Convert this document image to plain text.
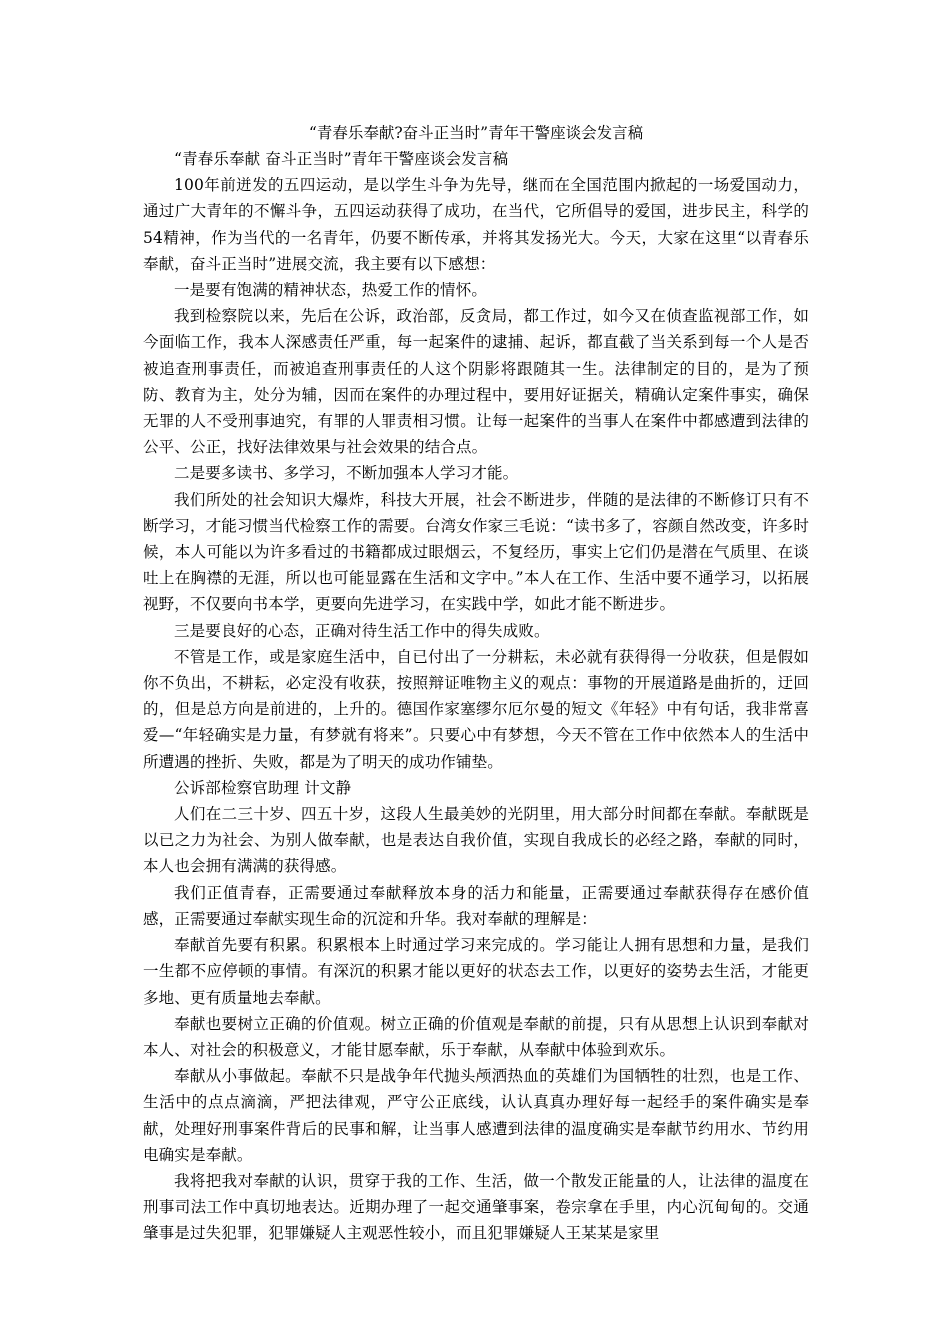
“青春乐奉献?奋斗正当时”青年干警座谈会发言稿

“青春乐奉献 奋斗正当时”青年干警座谈会发言稿

100年前迸发的五四运动，是以学生斗争为先导，继而在全国范围内掀起的一场爱国动力，通过广大青年的不懈斗争，五四运动获得了成功，在当代，它所倡导的爱国，进步民主，科学的54精神，作为当代的一名青年，仍要不断传承，并将其发扬光大。今天，大家在这里“以青春乐奉献，奋斗正当时”进展交流，我主要有以下感想：

一是要有饱满的精神状态，热爱工作的情怀。

我到检察院以来，先后在公诉，政治部，反贪局，都工作过，如今又在侦查监视部工作，如今面临工作，我本人深感责任严重，每一起案件的逮捕、起诉，都直截了当关系到每一个人是否被追查刑事责任，而被追查刑事责任的人这个阴影将跟随其一生。法律制定的目的，是为了预防、教育为主，处分为辅，因而在案件的办理过程中，要用好证据关，精确认定案件事实，确保无罪的人不受刑事迪究，有罪的人罪责相习惯。让每一起案件的当事人在案件中都感遭到法律的公平、公正，找好法律效果与社会效果的结合点。

二是要多读书、多学习，不断加强本人学习才能。

我们所处的社会知识大爆炸，科技大开展，社会不断进步，伴随的是法律的不断修订只有不断学习，才能习惯当代检察工作的需要。台湾女作家三毛说：“读书多了，容颜自然改变，许多时候，本人可能以为许多看过的书籍都成过眼烟云，不复经历，事实上它们仍是潜在气质里、在谈吐上在胸襟的无涯，所以也可能显露在生活和文字中。”本人在工作、生活中要不通学习，以拓展视野，不仅要向书本学，更要向先进学习，在实践中学，如此才能不断进步。

三是要良好的心态，正确对待生活工作中的得失成败。

不管是工作，或是家庭生活中，自已付出了一分耕耘，未必就有获得得一分收获，但是假如你不负出，不耕耘，必定没有收获，按照辩证唯物主义的观点：事物的开展道路是曲折的，迂回的，但是总方向是前进的，上升的。德国作家塞缪尔厄尔曼的短文《年轻》中有句话，我非常喜爱—“年轻确实是力量，有梦就有将来”。只要心中有梦想，今天不管在工作中依然本人的生活中所遭遇的挫折、失败，都是为了明天的成功作铺垫。

公诉部检察官助理 计文静

人们在二三十岁、四五十岁，这段人生最美妙的光阴里，用大部分时间都在奉献。奉献既是以已之力为社会、为别人做奉献，也是表达自我价值，实现自我成长的必经之路，奉献的同时，本人也会拥有满满的获得感。

我们正值青春，正需要通过奉献释放本身的活力和能量，正需要通过奉献获得存在感价值感，正需要通过奉献实现生命的沉淀和升华。我对奉献的理解是：

奉献首先要有积累。积累根本上时通过学习来完成的。学习能让人拥有思想和力量，是我们一生都不应停顿的事情。有深沉的积累才能以更好的状态去工作，以更好的姿势去生活，才能更多地、更有质量地去奉献。

奉献也要树立正确的价值观。树立正确的价值观是奉献的前提，只有从思想上认识到奉献对本人、对社会的积极意义，才能甘愿奉献，乐于奉献，从奉献中体验到欢乐。

奉献从小事做起。奉献不只是战争年代抛头颅洒热血的英雄们为国牺牲的壮烈，也是工作、生活中的点点滴滴，严把法律观，严守公正底线，认认真真办理好每一起经手的案件确实是奉献，处理好刑事案件背后的民事和解，让当事人感遭到法律的温度确实是奉献节约用水、节约用电确实是奉献。

我将把我对奉献的认识，贯穿于我的工作、生活，做一个散发正能量的人，让法律的温度在刑事司法工作中真切地表达。近期办理了一起交通肇事案，卷宗拿在手里，内心沉甸甸的。交通肇事是过失犯罪，犯罪嫌疑人主观恶性较小，而且犯罪嫌疑人王某某是家里
